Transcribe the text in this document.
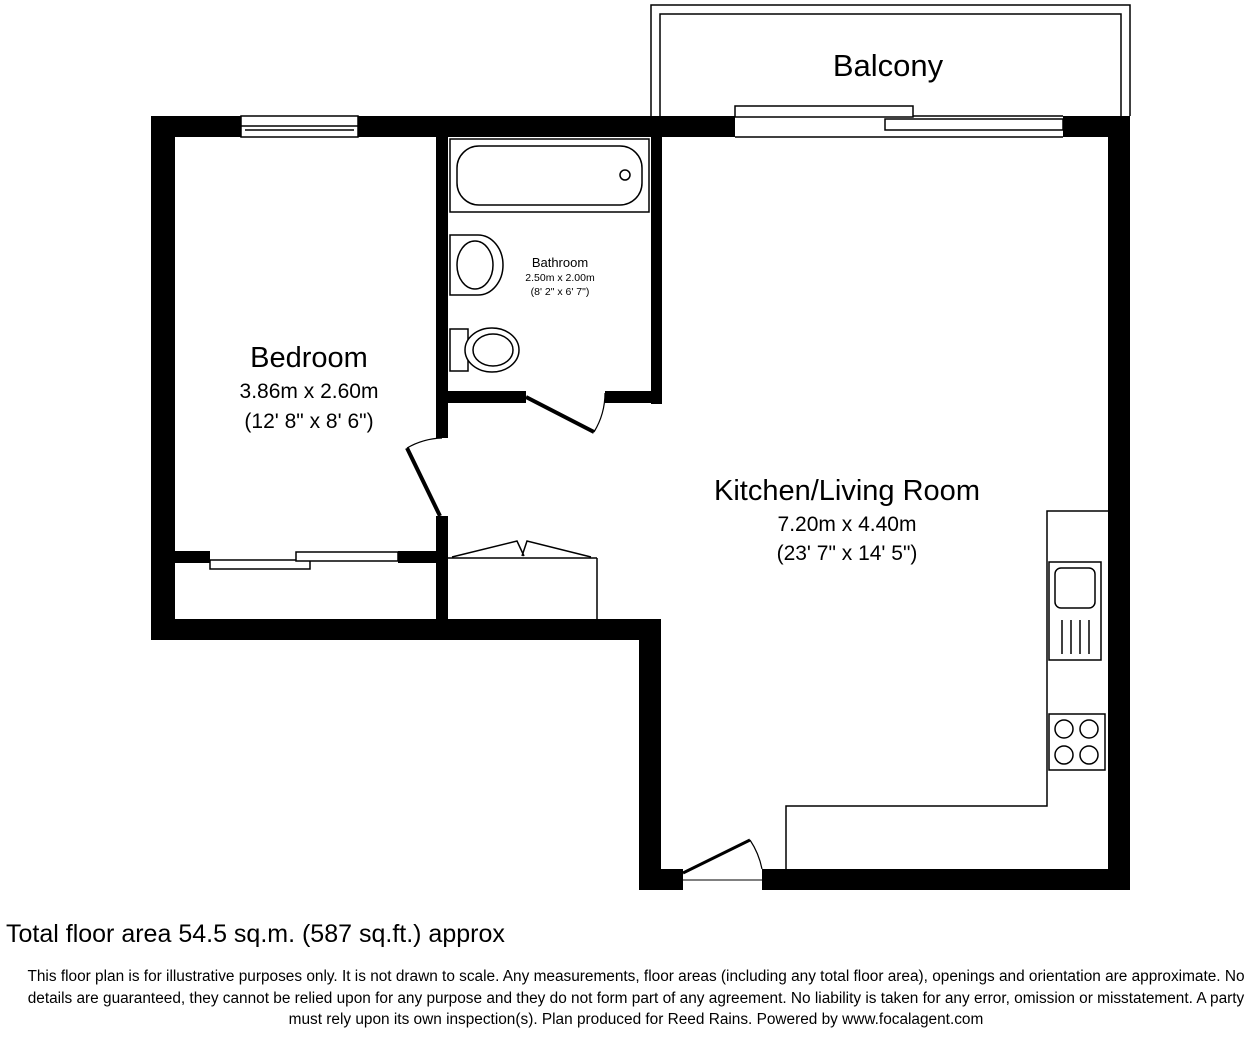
Balcony
Bathroom
2.50m x 2.00m
(8' 2" x 6' 7")
Bedroom
3.86m x 2.60m
(12' 8" x 8' 6")
Kitchen/Living Room
7.20m x 4.40m
(23' 7" x 14' 5")
Total floor area 54.5 sq.m. (587 sq.ft.) approx
This floor plan is for illustrative purposes only. It is not drawn to scale. Any measurements, floor areas (including any total floor area), openings and orientation are approximate. No details are guaranteed, they cannot be relied upon for any purpose and they do not form part of any agreement. No liability is taken for any error, omission or misstatement. A party must rely upon its own inspection(s). Plan produced for Reed Rains. Powered by www.focalagent.com
